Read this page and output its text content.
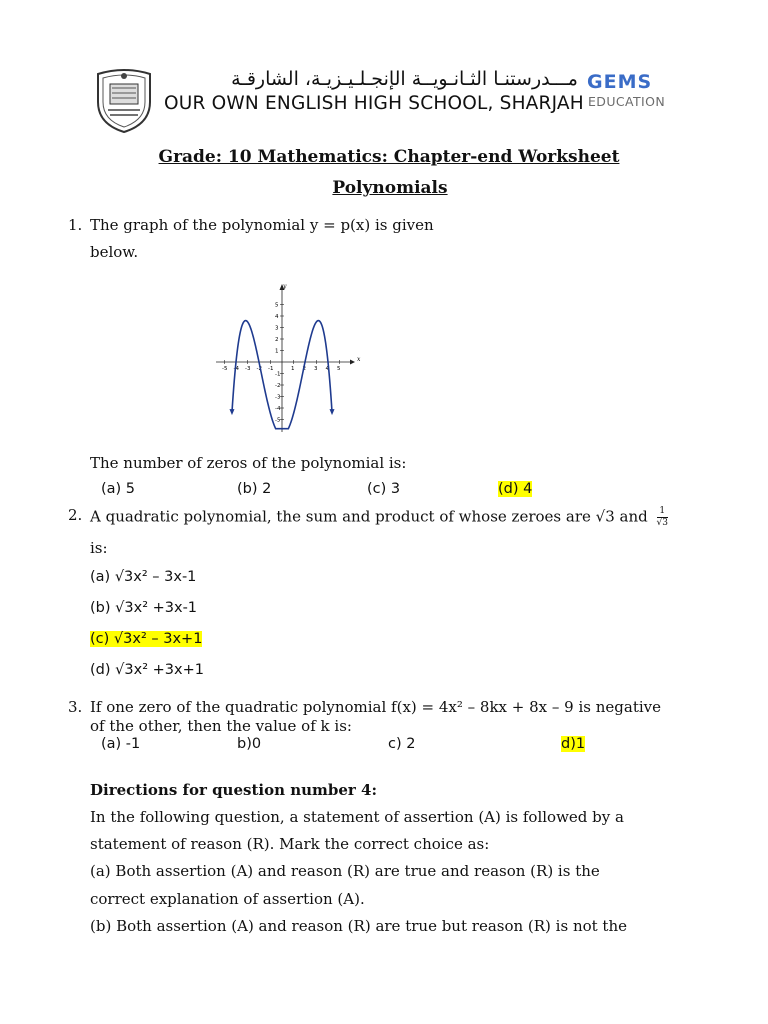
مـــدرستنـا الثـانـويــة الإنجـلـيـزيـة، الشارقـة
OUR OWN ENGLISH HIGH SCHOOL, SHARJAH
GEMS
EDUCATION
Grade: 10 Mathematics: Chapter-end Worksheet
Polynomials
1. The graph of the polynomial y = p(x) is given
below.
x
y
-5 -4 -3 -2 -1	1 2 3 4 5
-5
-4
-3
-2
-1
1
2
3
4
5
The number of zeros of the polynomial is:
(a) 5	(b) 2	(c) 3	(d) 4
2. A quadratic polynomial, the sum and product of whose zeroes are √3 and $\frac{1}{√3}$
is:
(a) √3x² – 3x-1
(b) √3x² +3x-1
(c) √3x² – 3x+1
(d) √3x² +3x+1
3. If one zero of the quadratic polynomial f(x) = 4x² – 8kx + 8x – 9 is negative
of the other, then the value of k is:
(a) -1	b)0	c) 2	d)1
Directions for question number 4:
In the following question, a statement of assertion (A) is followed by a
statement of reason (R). Mark the correct choice as:
(a) Both assertion (A) and reason (R) are true and reason (R) is the
correct explanation of assertion (A).
(b) Both assertion (A) and reason (R) are true but reason (R) is not the
